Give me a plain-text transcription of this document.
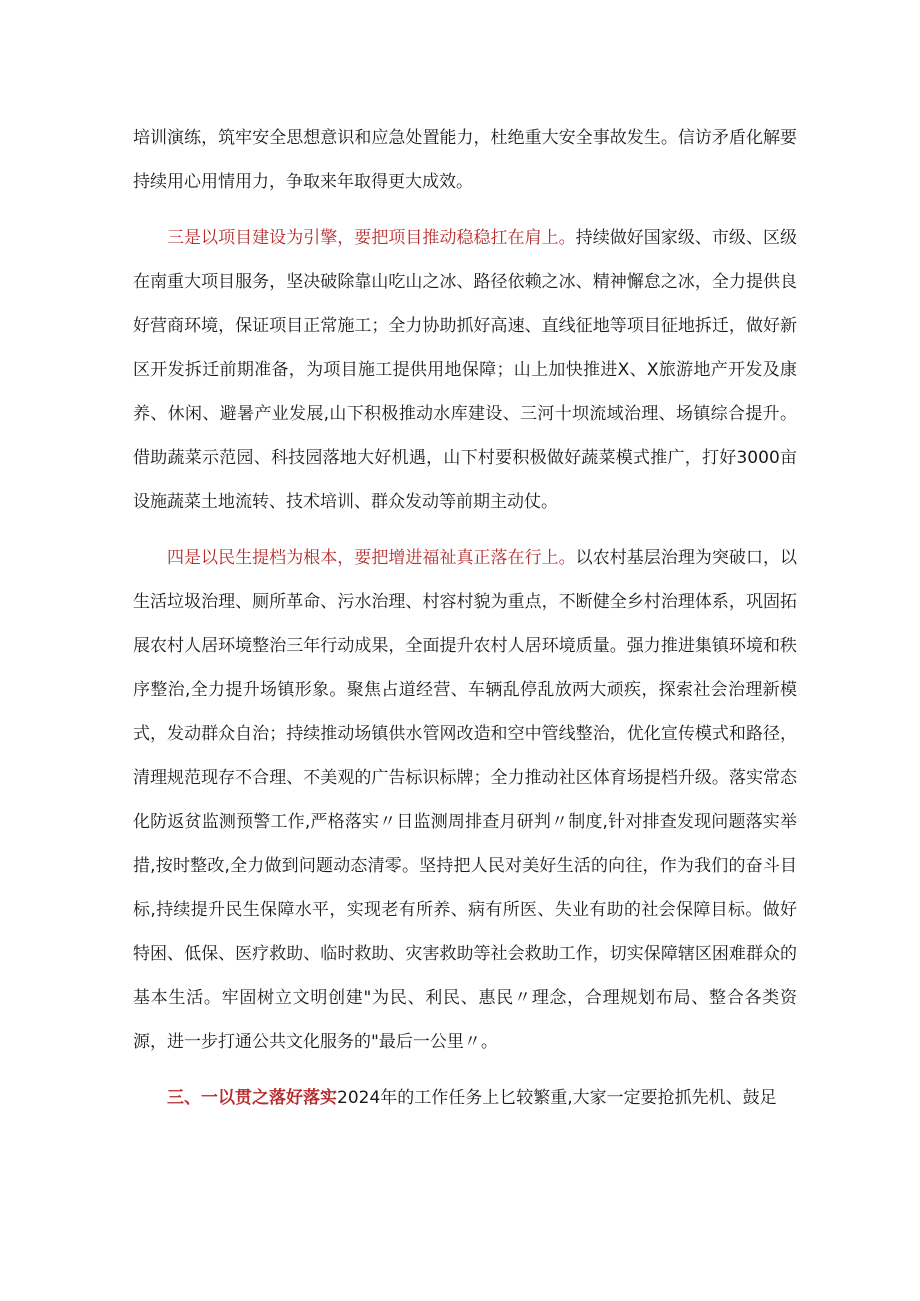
培训演练，筑牢安全思想意识和应急处置能力，杜绝重大安全事故发生。信访矛盾化解要持续用心用情用力，争取来年取得更大成效。

三是以项目建设为引擎，要把项目推动稳稳扛在肩上。持续做好国家级、市级、区级在南重大项目服务，坚决破除靠山吃山之冰、路径依赖之冰、精神懈怠之冰，全力提供良好营商环境，保证项目正常施工；全力协助抓好高速、直线征地等项目征地拆迁，做好新区开发拆迁前期准备，为项目施工提供用地保障；山上加快推进X、X旅游地产开发及康养、休闲、避暑产业发展,山下积极推动水库建设、三河十坝流域治理、场镇综合提升。借助蔬菜示范园、科技园落地大好机遇，山下村要积极做好蔬菜模式推广，打好3000亩设施蔬菜土地流转、技术培训、群众发动等前期主动仗。

四是以民生提档为根本，要把增进福祉真正落在行上。以农村基层治理为突破口，以生活垃圾治理、厕所革命、污水治理、村容村貌为重点，不断健全乡村治理体系，巩固拓展农村人居环境整治三年行动成果，全面提升农村人居环境质量。强力推进集镇环境和秩序整治,全力提升场镇形象。聚焦占道经营、车辆乱停乱放两大顽疾，探索社会治理新模式，发动群众自治；持续推动场镇供水管网改造和空中管线整治，优化宣传模式和路径，清理规范现存不合理、不美观的广告标识标牌；全力推动社区体育场提档升级。落实常态化防返贫监测预警工作,严格落实〃日监测周排查月研判〃制度,针对排查发现问题落实举措,按时整改,全力做到问题动态清零。坚持把人民对美好生活的向往，作为我们的奋斗目标,持续提升民生保障水平，实现老有所养、病有所医、失业有助的社会保障目标。做好特困、低保、医疗救助、临时救助、灾害救助等社会救助工作，切实保障辖区困难群众的基本生活。牢固树立文明创建"为民、利民、惠民〃理念，合理规划布局、整合各类资源，进一步打通公共文化服务的"最后一公里〃。

三、一以贯之落好落实2024年的工作任务上匕较繁重,大家一定要抢抓先机、鼓足
